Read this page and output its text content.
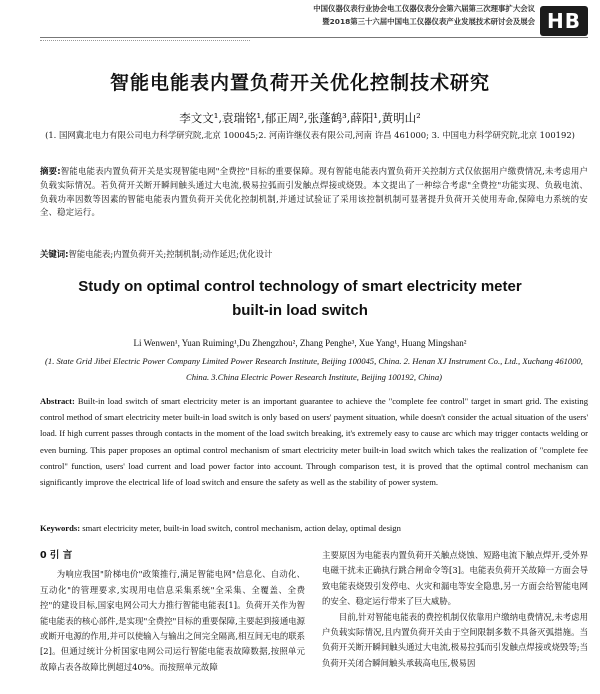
中国仪器仪表行业协会电工仪器仪表分会第六届第三次理事扩大会议
暨2018第三十六届中国电工仪器仪表产业发展技术研讨会及展会 HB
智能电能表内置负荷开关优化控制技术研究
李文文¹,袁瑞铭¹,郁正周²,张蓬鹤³,薛阳¹,黄明山²
(1. 国网冀北电力有限公司电力科学研究院,北京 100045;2. 河南许继仪表有限公司,河南 许昌 461000; 3. 中国电力科学研究院,北京 100192)
摘要:智能电能表内置负荷开关是实现智能电网"全费控"目标的重要保障。现有智能电能表内置负荷开关控制方式仅依据用户缴费情况,未考虑用户负载实际情况。若负荷开关断开瞬间触头通过大电流,极易拉弧而引发触点焊接或烧毁。本文提出了一种综合考虑"全费控"功能实现、负载电流、负载功率因数等因素的智能电能表内置负荷开关优化控制机制,并通过试验证了采用该控制机制可显著提升负荷开关使用寿命,保障电力系统的安全、稳定运行。
关键词:智能电能表;内置负荷开关;控制机制;动作延迟;优化设计
Study on optimal control technology of smart electricity meter
built-in load switch
Li Wenwen¹, Yuan Ruiming¹,Du Zhengzhou², Zhang Penghe³, Xue Yang¹, Huang Mingshan²
(1. State Grid Jibei Electric Power Company Limited Power Research Institute, Beijing 100045, China. 2. Henan XJ Instrument Co., Ltd., Xuchang 461000, China. 3.China Electric Power Research Institute, Beijing 100192, China)
Abstract: Built-in load switch of smart electricity meter is an important guarantee to achieve the "complete fee control" target in smart grid. The existing control method of smart electricity meter built-in load switch is only based on users' payment situation, while doesn't consider the actual situation of the users' load. If high current passes through contacts in the moment of the load switch breaking, it's extremely easy to cause arc which may trigger contacts welding or even burning. This paper proposes an optimal control mechanism of smart electricity meter built-in load switch which takes the realization of "complete fee control" function, users' load current and load power factor into account. Through comparison test, it is proved that the optimal control mechanism can significantly improve the electrical life of load switch and ensure the safety as well as the stability of power system.
Keywords: smart electricity meter, built-in load switch, control mechanism, action delay, optimal design
0 引 言

为响应我国"阶梯电价"政策推行,满足智能电网"信息化、自动化、互动化"的管理要求,实现用电信息采集系统"全采集、全覆盖、全费控"的建设目标,国家电网公司大力推行智能电能表[1]。负荷开关作为智能电能表的核心部件,是实现"全费控"目标的重要保障,主要起到接通电源或断开电源的作用,并可以使输入与输出之间完全隔离,相互间无电的联系[2]。但通过统计分析国家电网公司运行智能电能表故障数据,按照单元故障占表各故障比例超过40%。而按照单元故障

主要原因为电能表内置负荷开关触点烧蚀、短路电流下触点焊开,受外界电磁干扰未正确执行跳合闸命令等[3]。电能表负荷开关故障一方面会导致电能表烧毁引发停电、火灾和漏电等安全隐患,另一方面会给智能电网的安全、稳定运行带来了巨大威胁。

目前,针对智能电能表的费控机制仅依靠用户缴纳电费情况,未考虑用户负载实际情况,且内置负荷开关由于空间限制多数不具备灭弧措施。当负荷开关断开瞬间触头通过大电流,极易拉弧而引发触点焊接或烧毁等;当负荷开关闭合瞬间触头承载高电压,极易因
